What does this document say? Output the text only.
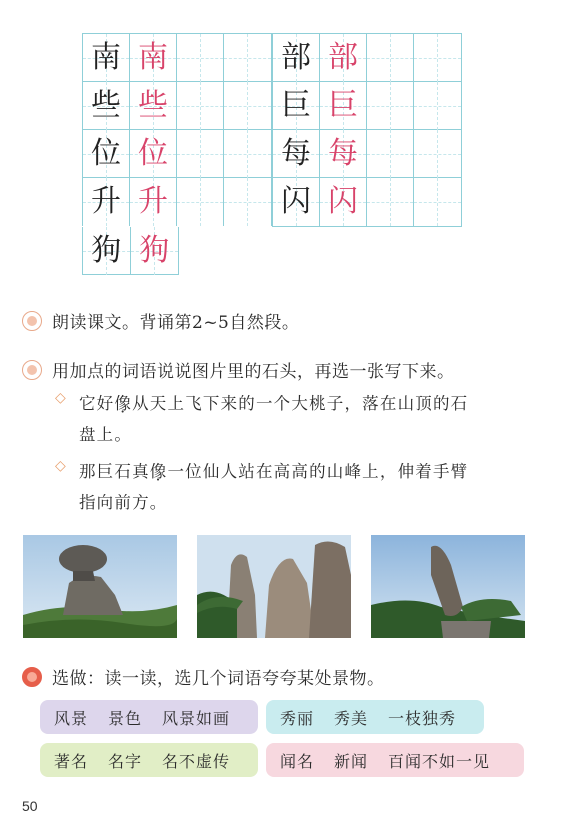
南 南
些 些
位 位
升 升
狗 狗
部 部
巨 巨
每 每
闪 闪
朗读课文。背诵第2~5自然段。
用加点的词语说说图片里的石头，再选一张写下来。
◇ 它好像从天上飞下来的一个大桃子，落在山顶的石
盘上。
◇ 那巨石真像一位仙人站在高高的山峰上，伸着手臂
指向前方。
选做：读一读，选几个词语夸夸某处景物。
风景 景色 风景如画	秀丽 秀美 一枝独秀
著名 名字 名不虚传	闻名 新闻 百闻不如一见
50
